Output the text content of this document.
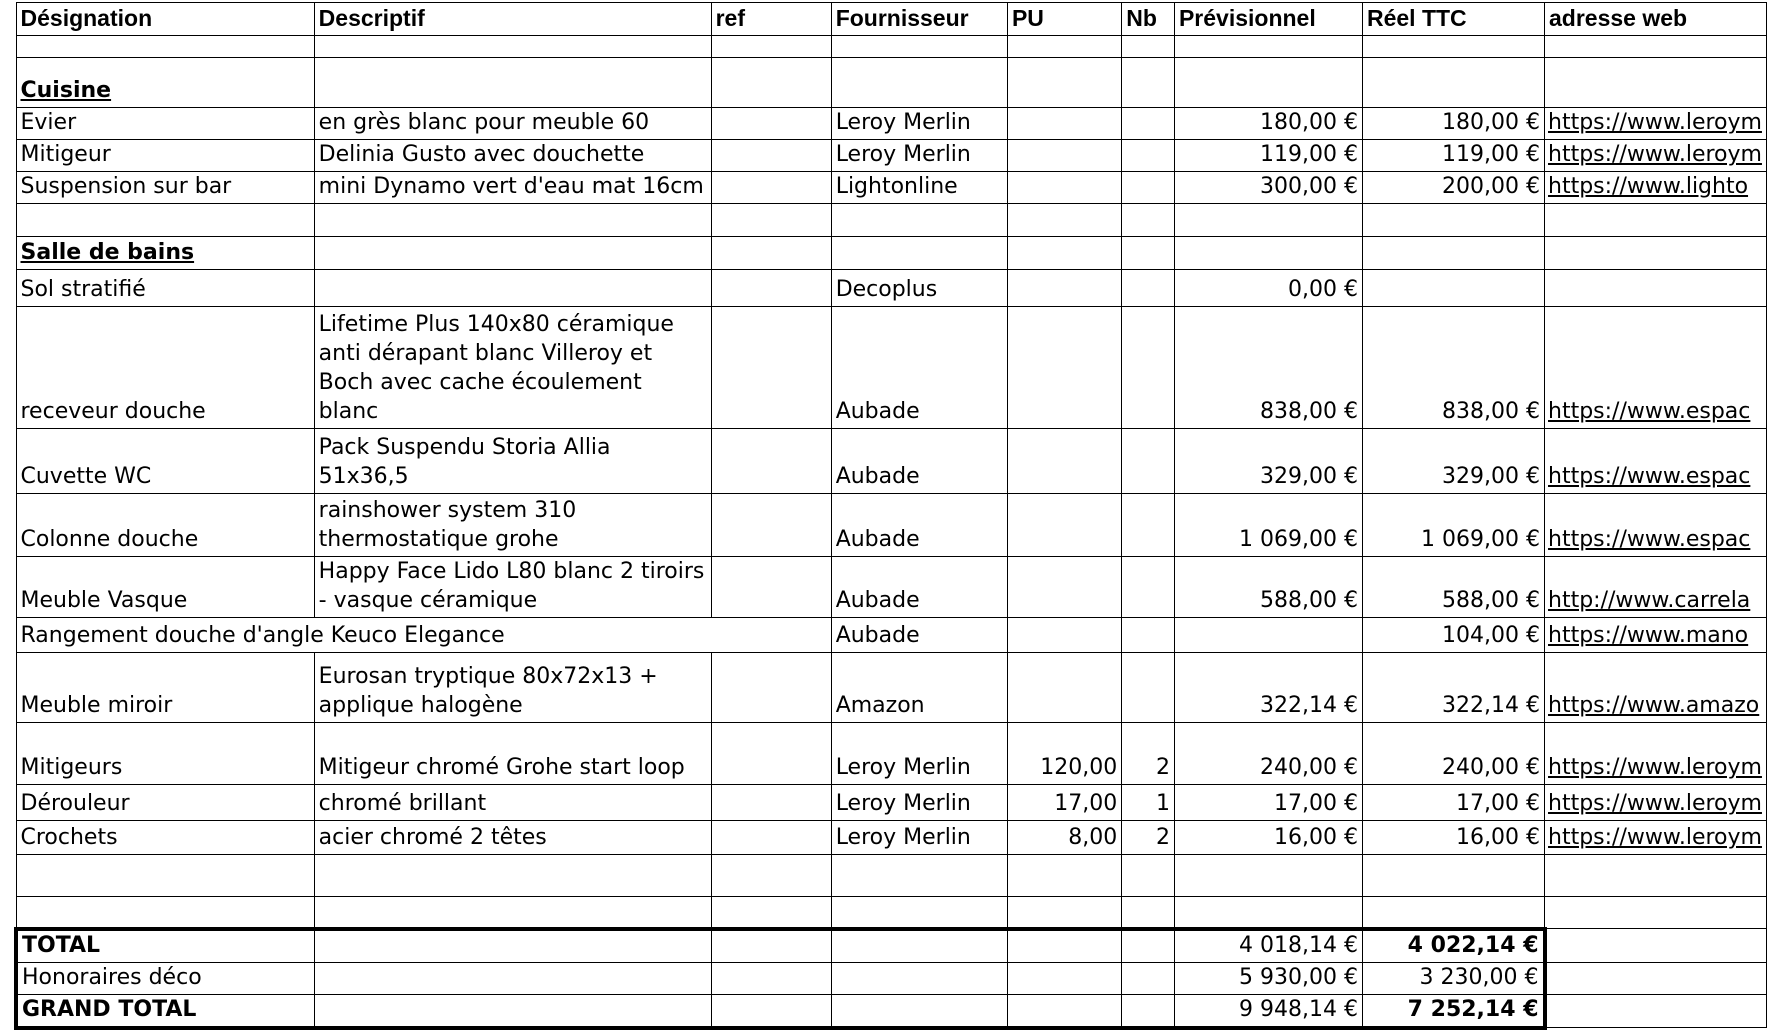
Désignation	Descriptif	ref	Fournisseur	PU	Nb	Prévisionnel	Réel TTC	adresse web

Cuisine								
Evier	en grès blanc pour meuble 60		Leroy Merlin			180,00 €	180,00 €	https://www.leroym
Mitigeur	Delinia Gusto avec douchette		Leroy Merlin			119,00 €	119,00 €	https://www.leroym
Suspension sur bar	mini Dynamo vert d'eau mat 16cm		Lightonline			300,00 €	200,00 €	https://www.lighto

Salle de bains								
Sol stratifié			Decoplus			0,00 €		
receveur douche	Lifetime Plus 140x80 céramique anti dérapant blanc Villeroy et Boch avec cache écoulement blanc		Aubade			838,00 €	838,00 €	https://www.espac
Cuvette WC	Pack Suspendu Storia Allia 51x36,5		Aubade			329,00 €	329,00 €	https://www.espac
Colonne douche	rainshower system 310 thermostatique grohe		Aubade			1 069,00 €	1 069,00 €	https://www.espac
Meuble Vasque	Happy Face Lido L80 blanc 2 tiroirs - vasque céramique		Aubade			588,00 €	588,00 €	http://www.carrela
Rangement douche d'angle Keuco Elegance			Aubade				104,00 €	https://www.mano
Meuble miroir	Eurosan tryptique 80x72x13 + applique halogène		Amazon			322,14 €	322,14 €	https://www.amazo
Mitigeurs	Mitigeur chromé Grohe start loop		Leroy Merlin	120,00	2	240,00 €	240,00 €	https://www.leroym
Dérouleur	chromé brillant		Leroy Merlin	17,00	1	17,00 €	17,00 €	https://www.leroym
Crochets	acier chromé 2 têtes		Leroy Merlin	8,00	2	16,00 €	16,00 €	https://www.leroym

TOTAL						4 018,14 €	4 022,14 €	
Honoraires déco						5 930,00 €	3 230,00 €	
GRAND TOTAL						9 948,14 €	7 252,14 €	
